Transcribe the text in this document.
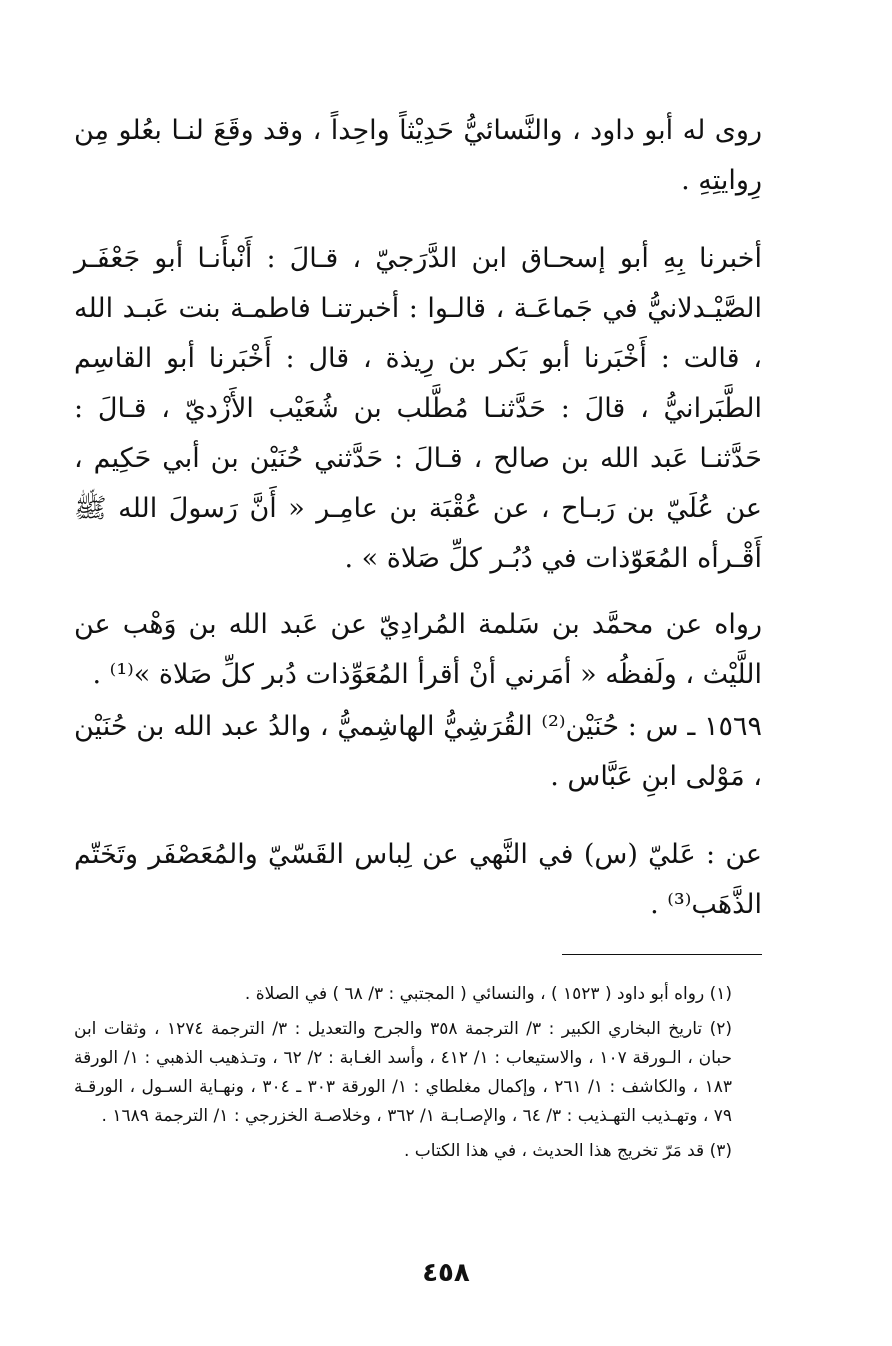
روى له أبو داود ، والنَّسائيُّ حَدِيْثاً واحِداً ، وقد وقَعَ لنـا بعُلو مِن رِوايتِهِ .

أخبرنا بِهِ أبو إسحـاق ابن الدَّرَجيّ ، قـالَ : أَنْبأَنـا أبو جَعْفَـر الصَّيْـدلانيُّ في جَماعَـة ، قالـوا : أخبرتنـا فاطمـة بنت عَبـد الله ، قالت : أَخْبَرنا أبو بَكر بن رِيذة ، قال : أَخْبَرنا أبو القاسِم الطَّبَرانيُّ ، قالَ : حَدَّثنـا مُطَّلب بن شُعَيْب الأَزْديّ ، قـالَ : حَدَّثنـا عَبد الله بن صالح ، قـالَ : حَدَّثني حُنَيْن بن أبي حَكِيم ، عن عُلَيّ بن رَبـاح ، عن عُقْبَة بن عامِـر « أَنَّ رَسولَ الله ﷺ أَقْـرأه المُعَوّذات في دُبُـر كلِّ صَلاة » .

رواه عن محمَّد بن سَلمة المُرادِيّ عن عَبد الله بن وَهْب عن اللَّيْث ، ولَفظُه « أمَرني أنْ أقرأ المُعَوِّذات دُبر كلِّ صَلاة »⁽¹⁾ .

١٥٦٩ ـ س : حُنَيْن⁽²⁾ القُرَشِيُّ الهاشِميُّ ، والدُ عبد الله بن حُنَيْن ، مَوْلى ابنِ عَبَّاس .

عن : عَليّ (س) في النَّهي عن لِباس القَسّيّ والمُعَصْفَر وتَخَتّم الذَّهَب⁽³⁾ .

(١) رواه أبو داود ( ١٥٢٣ ) ، والنسائي ( المجتبي : ٣/ ٦٨ ) في الصلاة .

(٢) تاريخ البخاري الكبير : ٣/ الترجمة ٣٥٨ والجرح والتعديل : ٣/ الترجمة ١٢٧٤ ، وثقات ابن حبان ، الـورقة ١٠٧ ، والاستيعاب : ١/ ٤١٢ ، وأسد الغـابة : ٢/ ٦٢ ، وتـذهيب الذهبي : ١/ الورقة ١٨٣ ، والكاشف : ١/ ٢٦١ ، وإكمال مغلطاي : ١/ الورقة ٣٠٣ ـ ٣٠٤ ، ونهـاية السـول ، الورقـة ٧٩ ، وتهـذيب التهـذيب : ٣/ ٦٤ ، والإصـابـة ١/ ٣٦٢ ، وخلاصـة الخزرجي : ١/ الترجمة ١٦٨٩ .

(٣) قد مَرّ تخريج هذا الحديث ، في هذا الكتاب .

٤٥٨
